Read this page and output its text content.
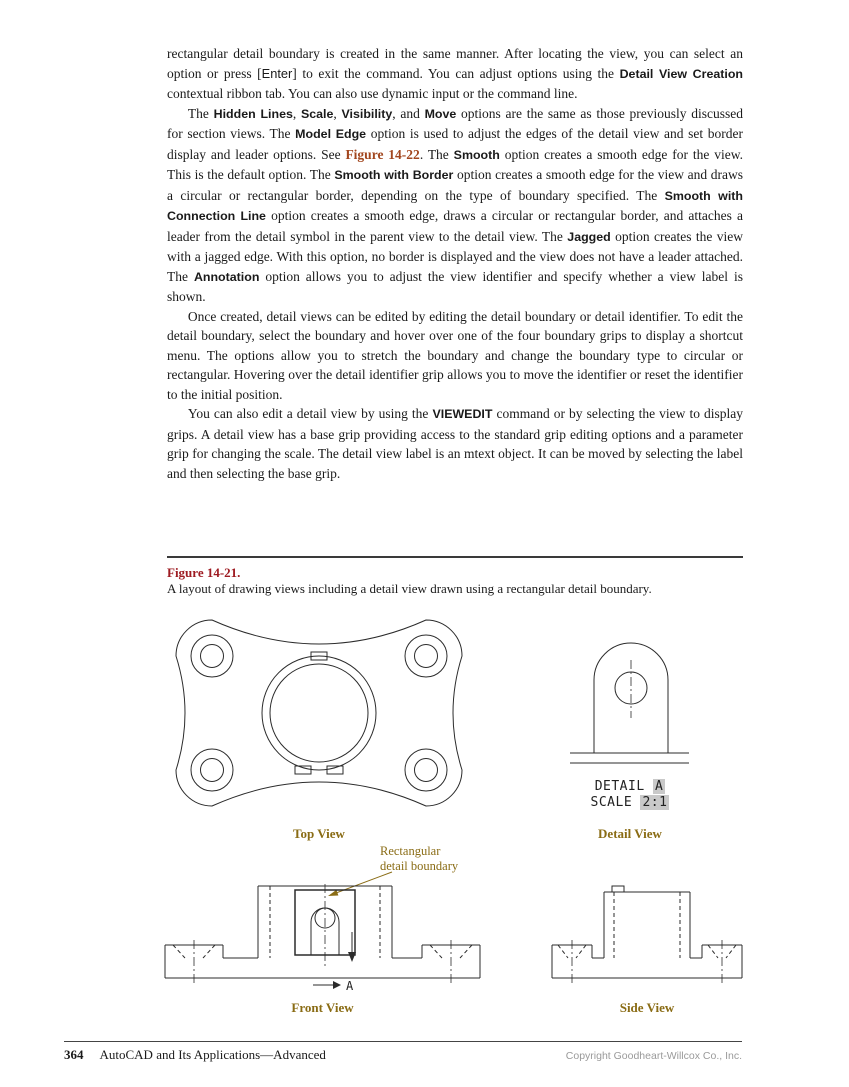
rectangular detail boundary is created in the same manner. After locating the view, you can select an option or press [Enter] to exit the command. You can adjust options using the Detail View Creation contextual ribbon tab. You can also use dynamic input or the command line.

The Hidden Lines, Scale, Visibility, and Move options are the same as those previously discussed for section views. The Model Edge option is used to adjust the edges of the detail view and set border display and leader options. See Figure 14-22. The Smooth option creates a smooth edge for the view. This is the default option. The Smooth with Border option creates a smooth edge for the view and draws a circular or rectangular border, depending on the type of boundary specified. The Smooth with Connection Line option creates a smooth edge, draws a circular or rectangular border, and attaches a leader from the detail symbol in the parent view to the detail view. The Jagged option creates the view with a jagged edge. With this option, no border is displayed and the view does not have a leader attached. The Annotation option allows you to adjust the view identifier and specify whether a view label is shown.

Once created, detail views can be edited by editing the detail boundary or detail identifier. To edit the detail boundary, select the boundary and hover over one of the four boundary grips to display a shortcut menu. The options allow you to stretch the boundary and change the boundary type to circular or rectangular. Hovering over the detail identifier grip allows you to move the identifier or reset the identifier to the initial position.

You can also edit a detail view by using the VIEWEDIT command or by selecting the view to display grips. A detail view has a base grip providing access to the standard grip editing options and a parameter grip for changing the scale. The detail view label is an mtext object. It can be moved by selecting the label and then selecting the base grip.

Figure 14-21.
A layout of drawing views including a detail view drawn using a rectangular detail boundary.
DETAIL A
SCALE 2:1
Top View	Detail View
Rectangular
detail boundary
A
Front View	Side View
364 AutoCAD and Its Applications—Advanced	Copyright Goodheart-Willcox Co., Inc.
